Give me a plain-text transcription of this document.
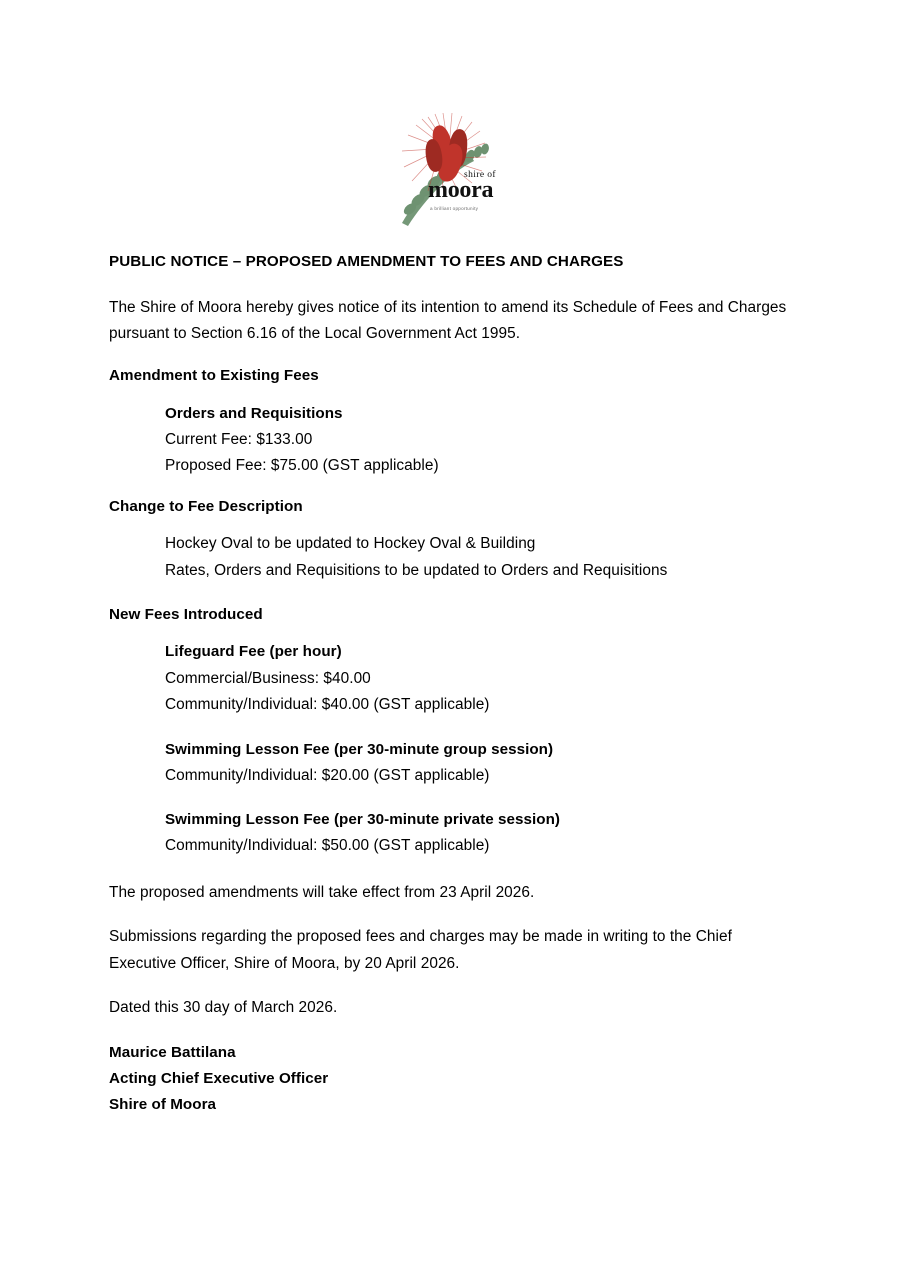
shire of
moora
a brilliant opportunity
PUBLIC NOTICE – PROPOSED AMENDMENT TO FEES AND CHARGES

The Shire of Moora hereby gives notice of its intention to amend its Schedule of Fees and Charges pursuant to Section 6.16 of the Local Government Act 1995.

Amendment to Existing Fees
Orders and Requisitions
Current Fee: $133.00
Proposed Fee: $75.00 (GST applicable)
Change to Fee Description
Hockey Oval to be updated to Hockey Oval & Building
Rates, Orders and Requisitions to be updated to Orders and Requisitions
New Fees Introduced
Lifeguard Fee (per hour)
Commercial/Business: $40.00
Community/Individual: $40.00 (GST applicable)
Swimming Lesson Fee (per 30-minute group session)
Community/Individual: $20.00 (GST applicable)
Swimming Lesson Fee (per 30-minute private session)
Community/Individual: $50.00 (GST applicable)

The proposed amendments will take effect from 23 April 2026.

Submissions regarding the proposed fees and charges may be made in writing to the Chief Executive Officer, Shire of Moora, by 20 April 2026.

Dated this 30 day of March 2026.

Maurice Battilana
Acting Chief Executive Officer
Shire of Moora
